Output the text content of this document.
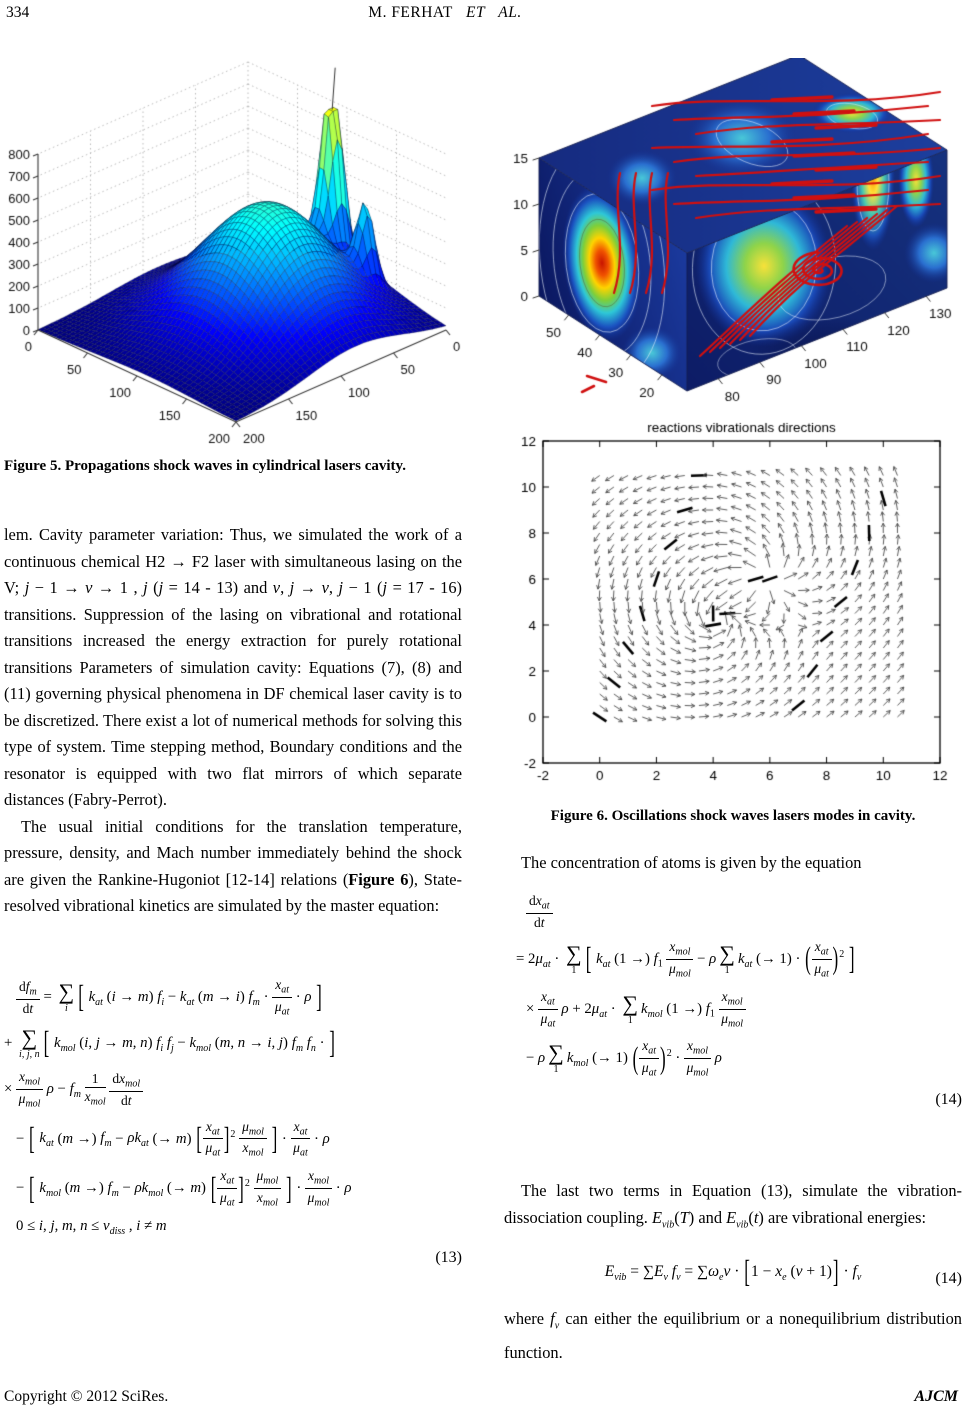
334	M. FERHAT   ET   AL.
Figure 5. Propagations shock waves in cylindrical lasers cavity.

lem. Cavity parameter variation: Thus, we simulated the work of a continuous chemical H2 → F2 laser with simultaneous lasing on the V; j − 1 → v → 1 , j (j = 14 - 13) and v, j → v, j − 1 (j = 17 - 16) transitions. Suppression of the lasing on vibrational and rotational transitions increased the energy extraction for purely rotational transitions Parameters of simulation cavity: Equations (7), (8) and (11) governing physical phenomena in DF chemical laser cavity is to be discretized. There exist a lot of numerical methods for solving this type of system. Time stepping method, Boundary conditions and the resonator is equipped with two flat mirrors of which separate distances (Fabry-Perrot).

The usual initial conditions for the translation temperature, pressure, density, and Mach number immediately behind the shock are given the Rankine-Hugoniot [12-14] relations (Figure 6), State-resolved vibrational kinetics are simulated by the master equation:

$df_m$
dt
= ∑
i [ $k_{at}$ (i → m) $f_i - k_{at}$ (m → i) $f_m$ ·
$x_{at}$
$\mu_{at}$
· ρ ]
+ ∑
i, j, n [ $k_{mol}$ (i, j → m, n) $f_i$ $f_j - k_{mol}$ (m, n → i, j) $f_m$ $f_n$ · ]
×
$x_{mol}$
$\mu_{mol}$
$\rho - f_m$
1
$x_{mol}$

$dx_{mol}$
dt
− [ $k_{at}$ (m →) $f_m - \rho k_{at}$ (→ m) [ $x_{at}$
$\mu_{at}$ ]$^2$
$\mu_{mol}$
$x_{mol}$ ] ·
$x_{at}$
$\mu_{at}$
· ρ
− [ $k_{mol}$ (m →) $f_m - \rho k_{mol}$ (→ m) [ $x_{at}$
$\mu_{at}$ ]$^2$
$\mu_{mol}$
$x_{mol}$ ] ·
$x_{mol}$
$\mu_{mol}$
· ρ
0 ≤ i, j, m, $n \le \nu_{diss}$ , i ≠ m
(13)
Figure 6. Oscillations shock waves lasers modes in cavity.

The concentration of atoms is given by the equation

$dx_{at}$
dt
= $2\mu_{at}$ · ∑
1 [ $k_{at}$ (1 →) $f_1$
$x_{mol}$
$\mu_{mol}$
− ρ ∑
1
$k_{at}$ (→ 1) · ( $x_{at}$
$\mu_{at}$ )$^2$ ]
×
$x_{at}$
$\mu_{at}$
$\rho + 2\mu_{at}$ · ∑
1
$k_{mol}$ (1 →) $f_1$
$x_{mol}$
$\mu_{mol}$
− ρ ∑
1
$k_{mol}$ (→ 1) ( $x_{at}$
$\mu_{at}$ )$^2$ ·
$x_{mol}$
$\mu_{mol}$
ρ
(14)

The last two terms in Equation (13), simulate the vibration-dissociation coupling. $E_{vib}(T)$ and $E_{vib}(t)$ are vibrational energies:

$E_{vib} = \sum E_v$ $f_v = \sum\omega_ev \cdot [1 - x_e$ $(v + 1)] \cdot f_v$	(14)

where $f_v$ can either the equilibrium or a nonequilibrium distribution function.

Copyright © 2012 SciRes.	AJCM
